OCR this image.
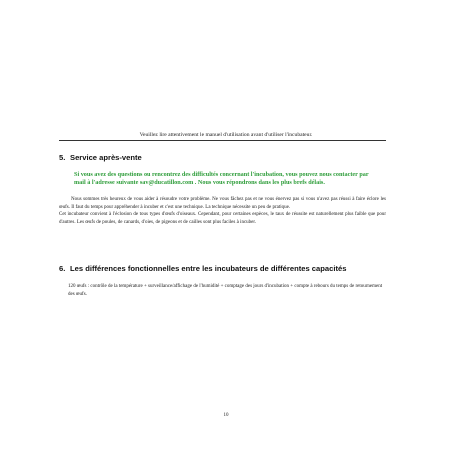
Veuillez lire attentivement le manuel d'utilisation avant d'utiliser l'incubateur.
5. Service après-vente
Si vous avez des questions ou rencontrez des difficultés concernant l'incubation, vous pouvez nous contacter par mail à l'adresse suivante sav@ducatillon.com . Nous vous répondrons dans les plus brefs délais.

Nous sommes très heureux de vous aider à résoudre votre problème. Ne vous fâchez pas et ne vous énervez pas si vous n'avez pas réussi à faire éclore les œufs. Il faut du temps pour appréhender à incuber et c'est une technique. La technique nécessite un peu de pratique.

Cet incubateur convient à l'éclosion de tous types d'œufs d'oiseaux. Cependant, pour certaines espèces, le taux de réussite est naturellement plus faible que pour d'autres. Les œufs de poules, de canards, d'oies, de pigeons et de cailles sont plus faciles à incuber.

6. Les différences fonctionnelles entre les incubateurs de différentes capacités
120 œufs : contrôle de la température + surveillance/affichage de l'humidité + comptage des jours d'incubation + compte à rebours du temps de retournement des œufs.
10
